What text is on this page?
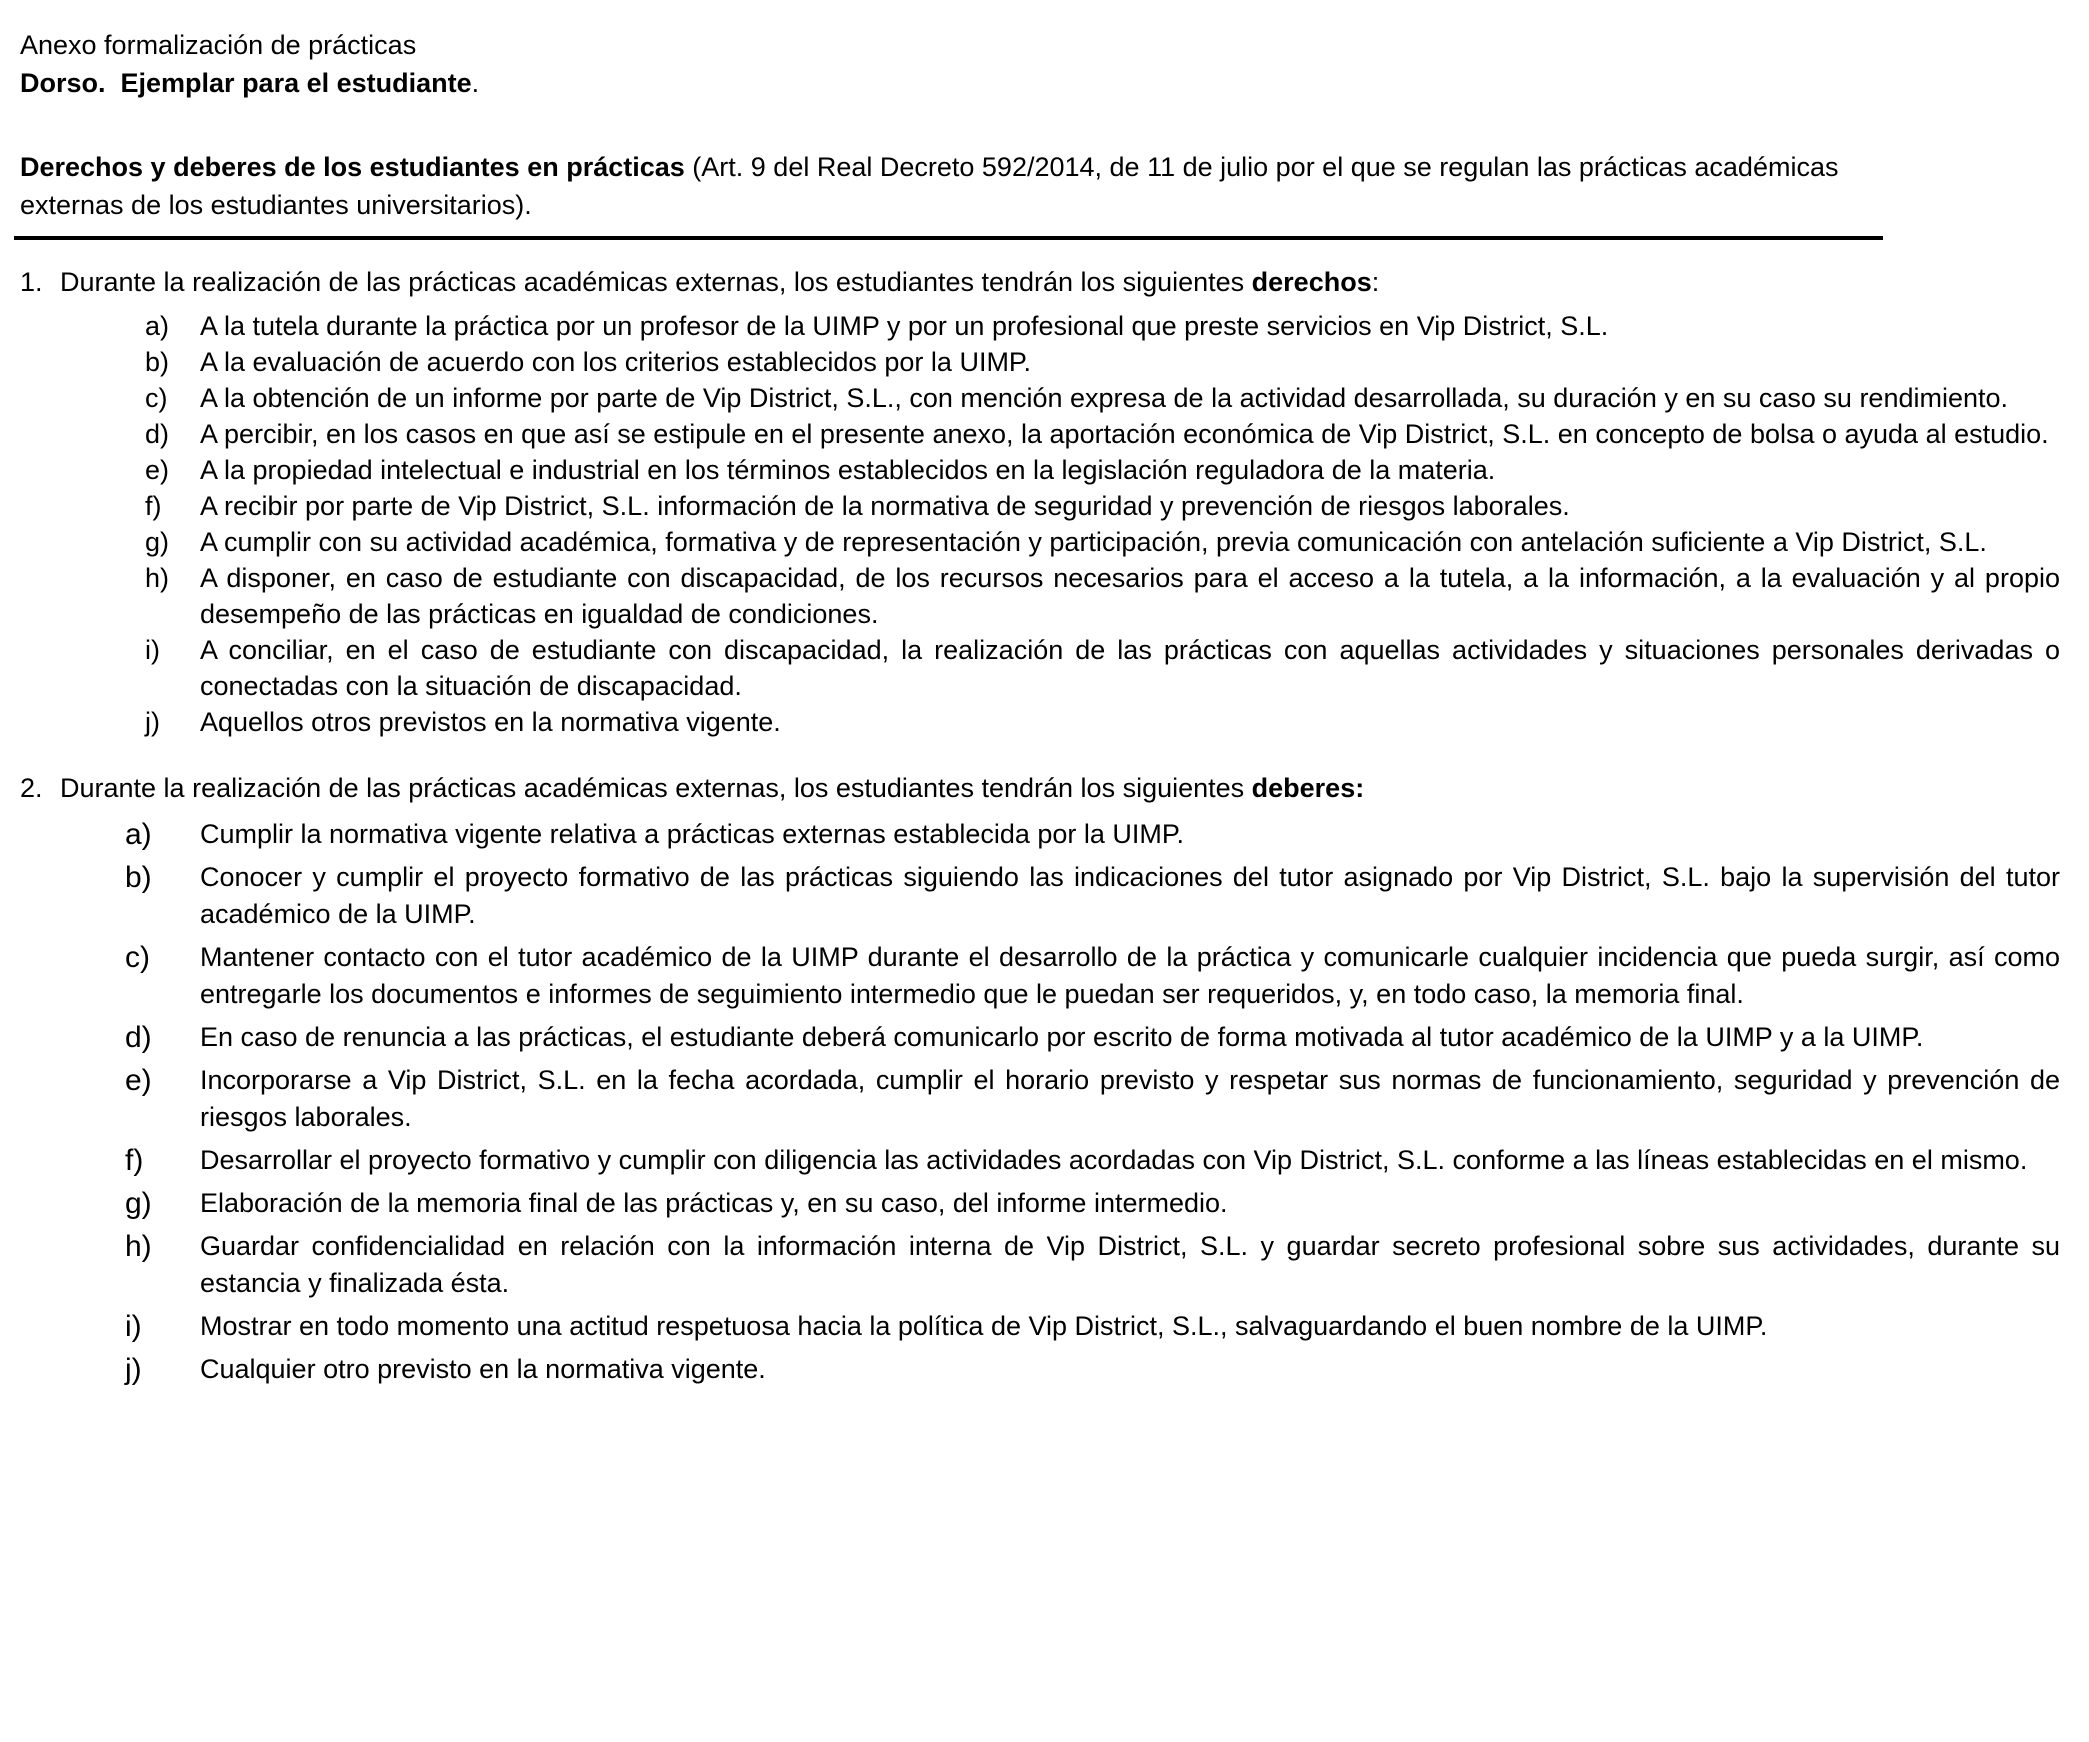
Anexo formalización de prácticas

Dorso.  Ejemplar para el estudiante.

Derechos y deberes de los estudiantes en prácticas (Art. 9 del Real Decreto 592/2014, de 11 de julio por el que se regulan las prácticas académicas externas de los estudiantes universitarios).

1. Durante la realización de las prácticas académicas externas, los estudiantes tendrán los siguientes derechos:
a)	A la tutela durante la práctica por un profesor de la UIMP y por un profesional que preste servicios en Vip District, S.L.
b)	A la evaluación de acuerdo con los criterios establecidos por la UIMP.
c)	A la obtención de un informe por parte de Vip District, S.L., con mención expresa de la actividad desarrollada, su duración y en su caso su rendimiento.
d)	A percibir, en los casos en que así se estipule en el presente anexo, la aportación económica de Vip District, S.L. en concepto de bolsa o ayuda al estudio.
e)	A la propiedad intelectual e industrial en los términos establecidos en la legislación reguladora de la materia.
f)	A recibir por parte de Vip District, S.L. información de la normativa de seguridad y prevención de riesgos laborales.
g)	A cumplir con su actividad académica, formativa y de representación y participación, previa comunicación con antelación suficiente a Vip District, S.L.
h)	A disponer, en caso de estudiante con discapacidad, de los recursos necesarios para el acceso a la tutela, a la información, a la evaluación y al propio desempeño de las prácticas en igualdad de condiciones.
i)	A conciliar, en el caso de estudiante con discapacidad, la realización de las prácticas con aquellas actividades y situaciones personales derivadas o conectadas con la situación de discapacidad.
j)	Aquellos otros previstos en la normativa vigente.
2. Durante la realización de las prácticas académicas externas, los estudiantes tendrán los siguientes deberes:
a)	Cumplir la normativa vigente relativa a prácticas externas establecida por la UIMP.
b)	Conocer y cumplir el proyecto formativo de las prácticas siguiendo las indicaciones del tutor asignado por Vip District, S.L. bajo la supervisión del tutor académico de la UIMP.
c)	Mantener contacto con el tutor académico de la UIMP durante el desarrollo de la práctica y comunicarle cualquier incidencia que pueda surgir, así como entregarle los documentos e informes de seguimiento intermedio que le puedan ser requeridos, y, en todo caso, la memoria final.
d)	En caso de renuncia a las prácticas, el estudiante deberá comunicarlo por escrito de forma motivada al tutor académico de la UIMP y a la UIMP.
e)	Incorporarse a Vip District, S.L. en la fecha acordada, cumplir el horario previsto y respetar sus normas de funcionamiento, seguridad y prevención de riesgos laborales.
f)	Desarrollar el proyecto formativo y cumplir con diligencia las actividades acordadas con Vip District, S.L. conforme a las líneas establecidas en el mismo.
g)	Elaboración de la memoria final de las prácticas y, en su caso, del informe intermedio.
h)	Guardar confidencialidad en relación con la información interna de Vip District, S.L. y guardar secreto profesional sobre sus actividades, durante su estancia y finalizada ésta.
i)	Mostrar en todo momento una actitud respetuosa hacia la política de Vip District, S.L., salvaguardando el buen nombre de la UIMP.
j)	Cualquier otro previsto en la normativa vigente.
